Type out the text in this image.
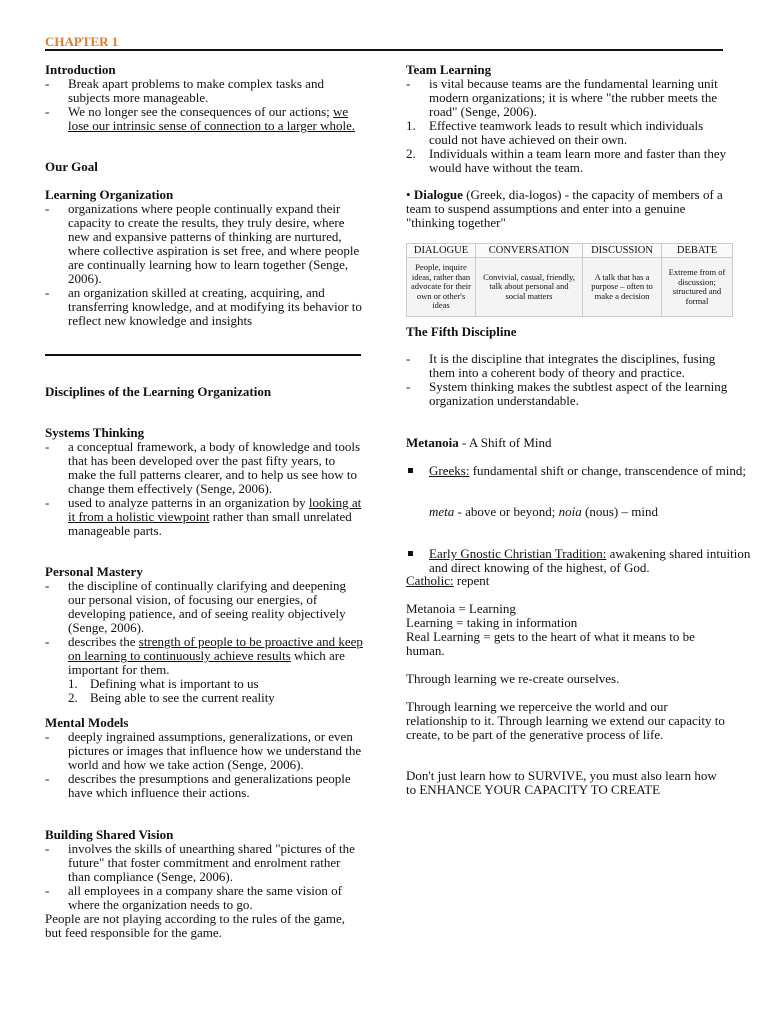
CHAPTER 1
Introduction
- Break apart problems to make complex tasks and subjects more manageable.
- We no longer see the consequences of our actions; we lose our intrinsic sense of connection to a larger whole.
Our Goal
Learning Organization
- organizations where people continually expand their capacity to create the results, they truly desire, where new and expansive patterns of thinking are nurtured, where collective aspiration is set free, and where people are continually learning how to learn together (Senge, 2006).
- an organization skilled at creating, acquiring, and transferring knowledge, and at modifying its behavior to reflect new knowledge and insights
Disciplines of the Learning Organization
Systems Thinking
- a conceptual framework, a body of knowledge and tools that has been developed over the past fifty years, to make the full patterns clearer, and to help us see how to change them effectively (Senge, 2006).
- used to analyze patterns in an organization by looking at it from a holistic viewpoint rather than small unrelated manageable parts.
Personal Mastery
- the discipline of continually clarifying and deepening our personal vision, of focusing our energies, of developing patience, and of seeing reality objectively (Senge, 2006).
- describes the strength of people to be proactive and keep on learning to continuously achieve results which are important for them.
1. Defining what is important to us
2. Being able to see the current reality
Mental Models
- deeply ingrained assumptions, generalizations, or even pictures or images that influence how we understand the world and how we take action (Senge, 2006).
- describes the presumptions and generalizations people have which influence their actions.
Building Shared Vision
- involves the skills of unearthing shared "pictures of the future" that foster commitment and enrolment rather than compliance (Senge, 2006).
- all employees in a company share the same vision of where the organization needs to go.
People are not playing according to the rules of the game, but feed responsible for the game.
Team Learning
- is vital because teams are the fundamental learning unit modern organizations; it is where "the rubber meets the road" (Senge, 2006).
1. Effective teamwork leads to result which individuals could not have achieved on their own.
2. Individuals within a team learn more and faster than they would have without the team.
• Dialogue (Greek, dia-logos) - the capacity of members of a team to suspend assumptions and enter into a genuine "thinking together"
DIALOGUE	CONVERSATION	DISCUSSION	DEBATE
People, inquire ideas, rather than advocate for their own or other's ideas	Convivial, casual, friendly, talk about personal and social matters	A talk that has a purpose – often to make a decision	Extreme from of discussion; structured and formal
The Fifth Discipline
- It is the discipline that integrates the disciplines, fusing them into a coherent body of theory and practice.
- System thinking makes the subtlest aspect of the learning organization understandable.
Metanoia - A Shift of Mind
Greeks: fundamental shift or change, transcendence of mind;
meta - above or beyond; noia (nous) – mind
Early Gnostic Christian Tradition: awakening shared intuition and direct knowing of the highest, of God.
Catholic: repent
Metanoia = Learning
Learning = taking in information
Real Learning = gets to the heart of what it means to be human.
Through learning we re-create ourselves.
Through learning we reperceive the world and our relationship to it. Through learning we extend our capacity to create, to be part of the generative process of life.
Don't just learn how to SURVIVE, you must also learn how to ENHANCE YOUR CAPACITY TO CREATE
